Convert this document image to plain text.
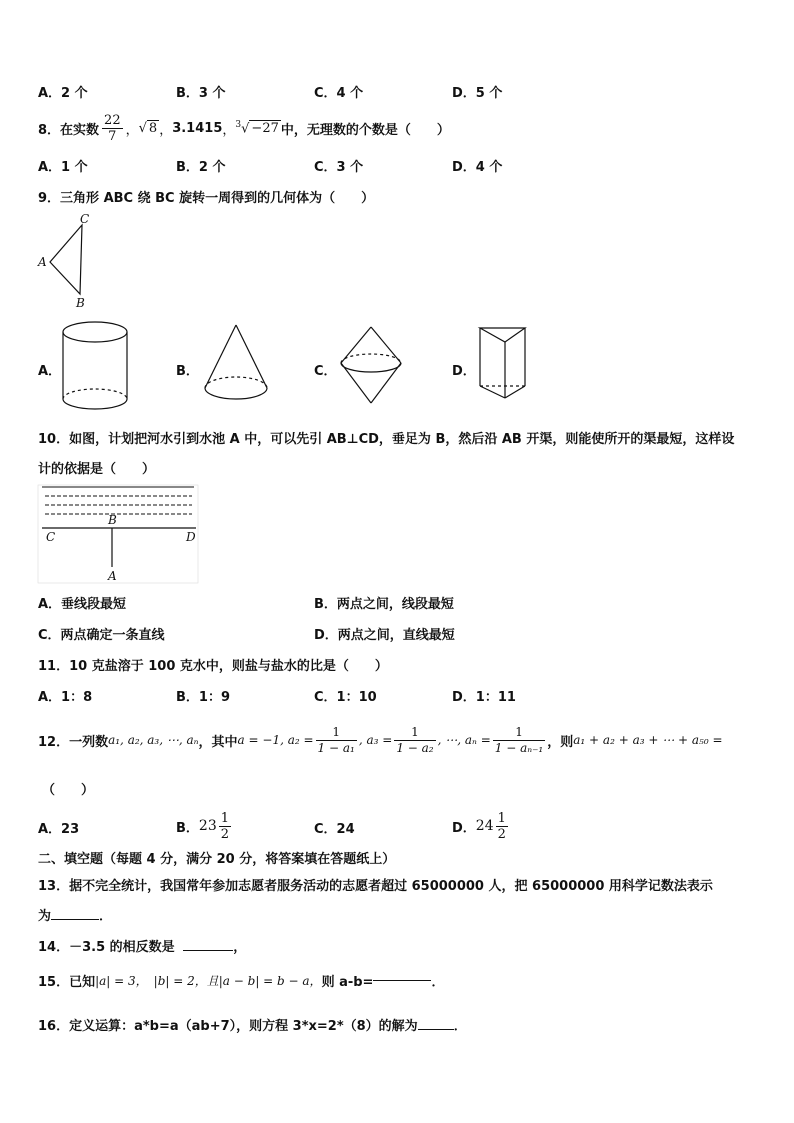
A．2 个	B．3 个	C．4 个	D．5 个
8．在实数 $\frac{22}{7}$ ， √ 8 ， 3.1415 ， $^3$√ −27 中，无理数的个数是（　　）
A．1 个	B．2 个	C．3 个	D．4 个
9．三角形 ABC 绕 BC 旋转一周得到的几何体为（　　）
C
A
B
A．	B．	C．	D．
10．如图，计划把河水引到水池 A 中，可以先引 AB⊥CD，垂足为 B，然后沿 AB 开渠，则能使所开的渠最短，这样设
计的依据是（　　）
B
C	D
A
A．垂线段最短	B．两点之间，线段最短
C．两点确定一条直线	D．两点之间，直线最短
11．10 克盐溶于 100 克水中，则盐与盐水的比是（　　）
A．1：8	B．1：9	C．1：10	D．1：11
12．一列数 a₁, a₂, a₃, ⋯, aₙ ，其中 a = −1, $a_2 = \frac{1}{\text{1 − a₁}}$ , $a_3 = \frac{1}{\text{1 − a₂}}$ , ⋯, $a_n = \frac{1}{\text{1 − aₙ₋₁}}$ ，则 a₁ + a₂ + a₃ + ⋯ + a₅₀ =
（　　）
A．23	B． $23 \frac{1}{2}$	C．24	D． $24 \frac{1}{2}$
二、填空题（每题 4 分，满分 20 分，将答案填在答题纸上）
13．据不完全统计，我国常年参加志愿者服务活动的志愿者超过 65000000 人，把 65000000 用科学记数法表示
为	．
14．－3.5 的相反数是	，
15．已知 |a| = 3， |b| = 2，且 |a − b| = b − a， 则 a-b=	．
16．定义运算：a*b=a（ab+7），则方程 3*x=2*（8）的解为	．
